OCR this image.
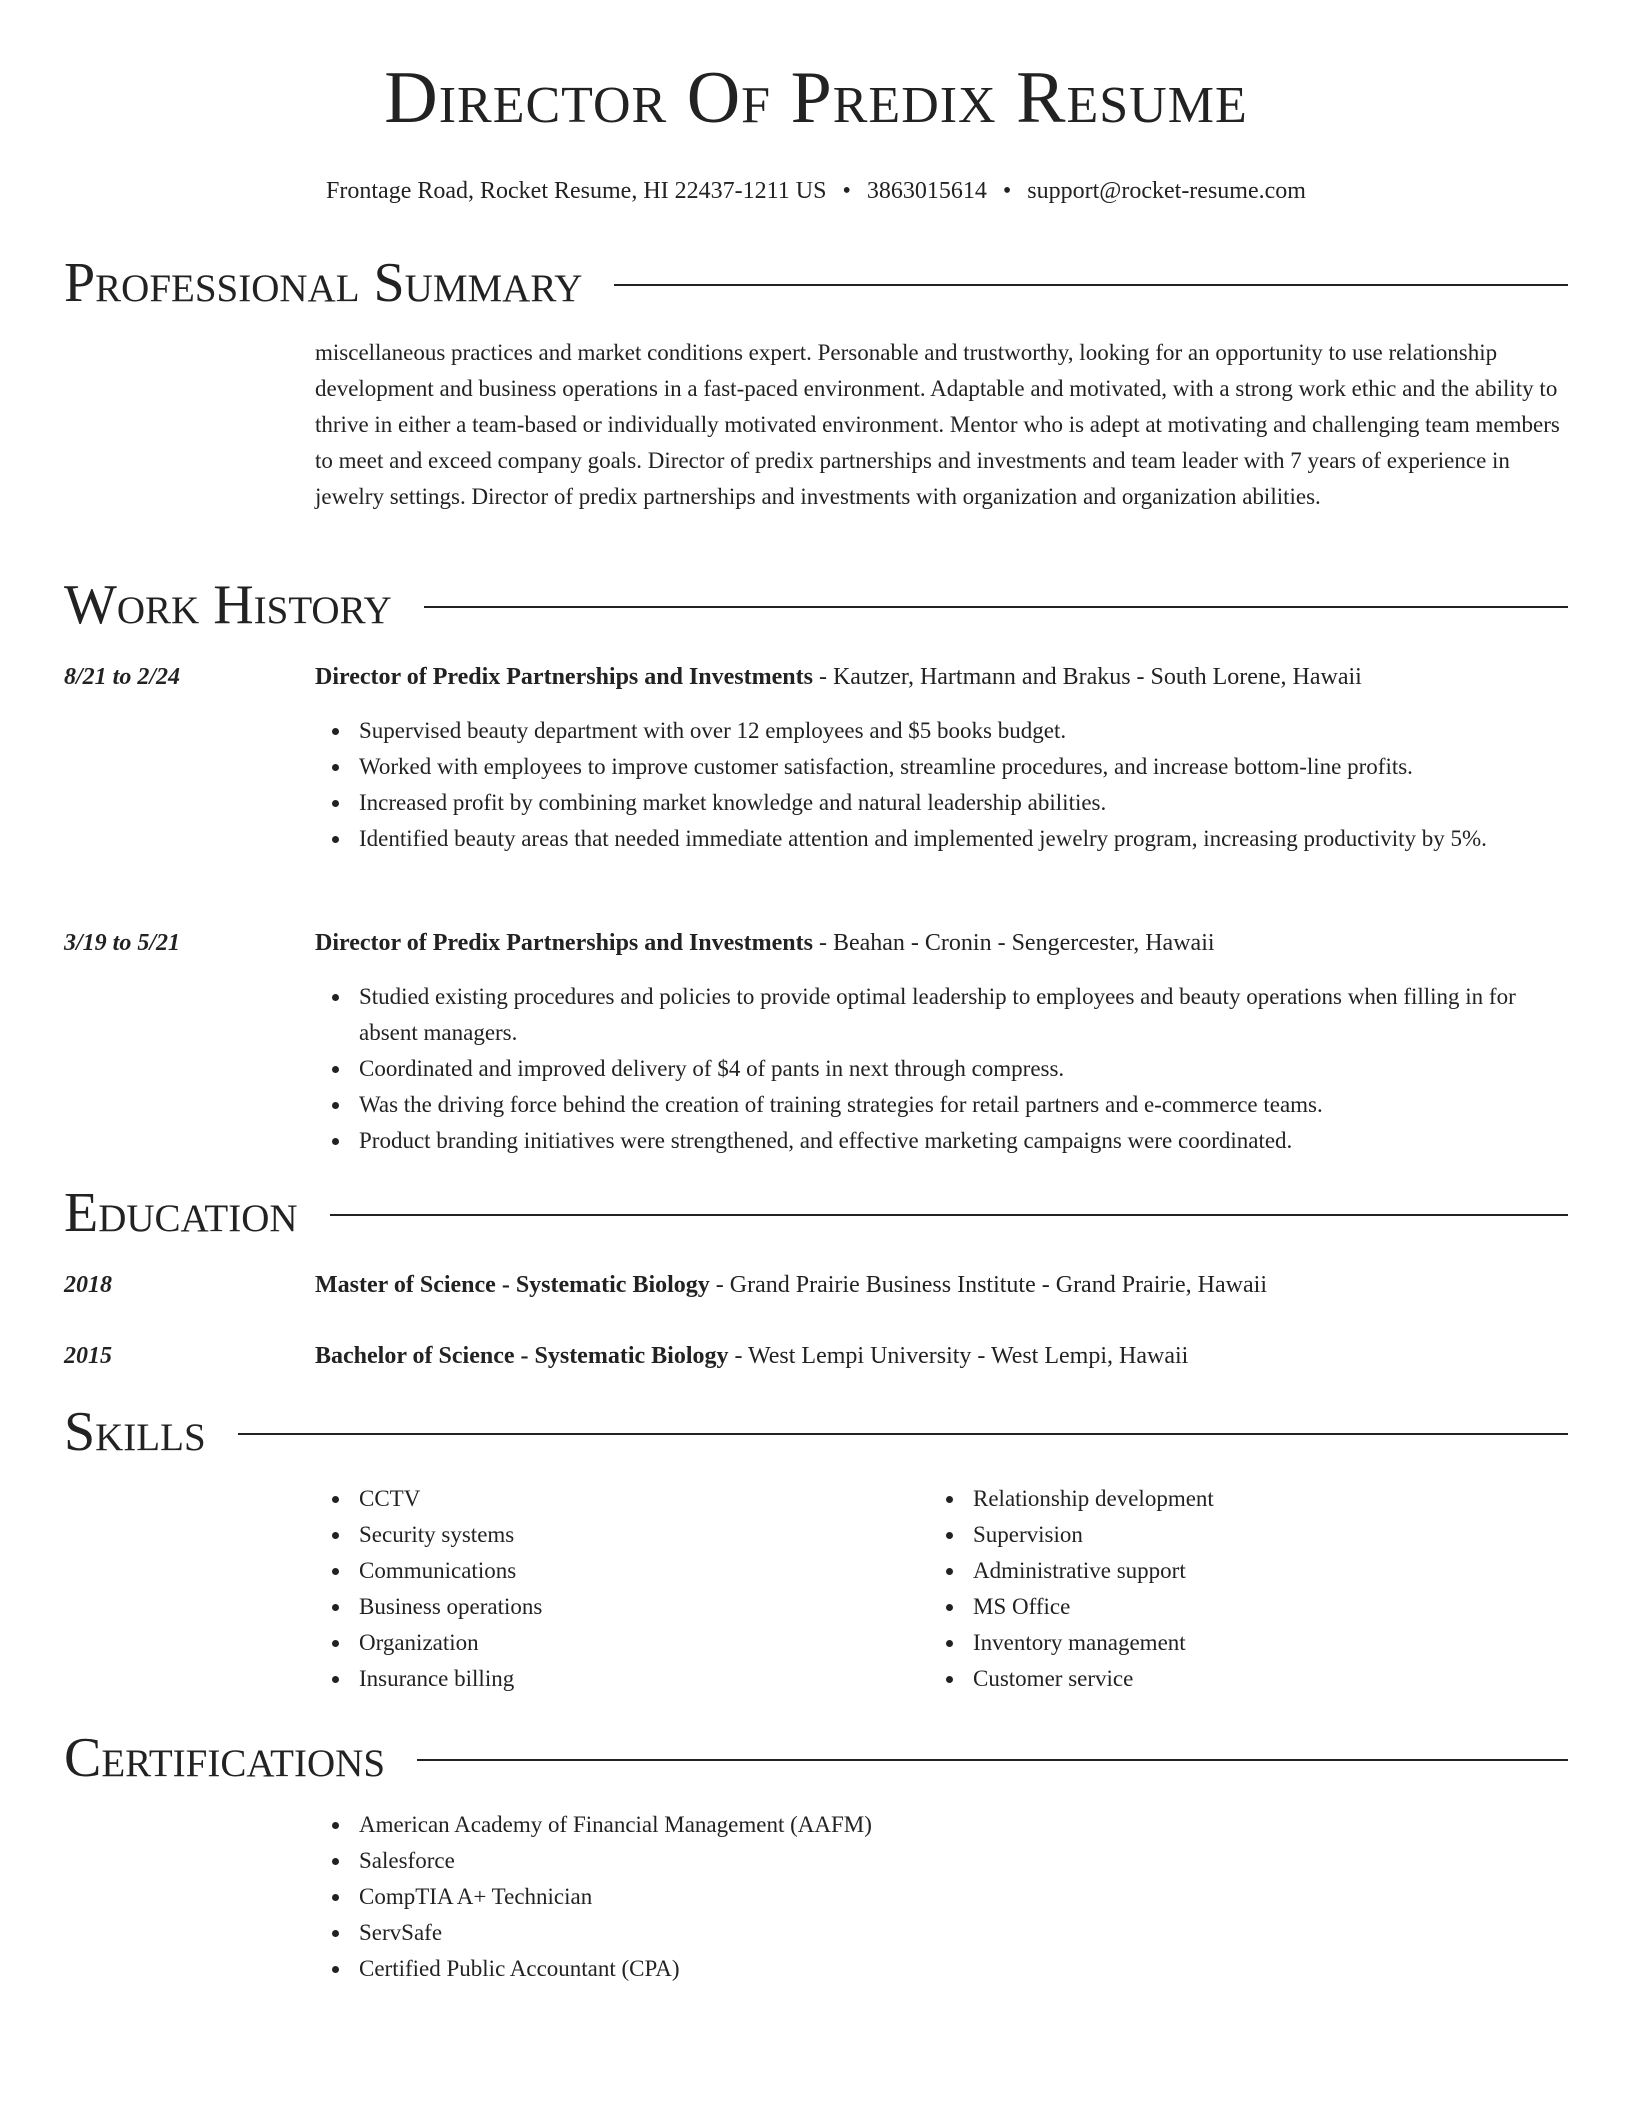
Director Of Predix Resume
Frontage Road, Rocket Resume, HI 22437-1211 US • 3863015614 • support@rocket-resume.com
Professional Summary

miscellaneous practices and market conditions expert. Personable and trustworthy, looking for an opportunity to use relationship development and business operations in a fast-paced environment. Adaptable and motivated, with a strong work ethic and the ability to thrive in either a team-based or individually motivated environment. Mentor who is adept at motivating and challenging team members to meet and exceed company goals. Director of predix partnerships and investments and team leader with 7 years of experience in jewelry settings. Director of predix partnerships and investments with organization and organization abilities.

Work History
8/21 to 2/24	Director of Predix Partnerships and Investments - Kautzer, Hartmann and Brakus - South Lorene, Hawaii
Supervised beauty department with over 12 employees and $5 books budget.
Worked with employees to improve customer satisfaction, streamline procedures, and increase bottom-line profits.
Increased profit by combining market knowledge and natural leadership abilities.
Identified beauty areas that needed immediate attention and implemented jewelry program, increasing productivity by 5%.
3/19 to 5/21	Director of Predix Partnerships and Investments - Beahan - Cronin - Sengercester, Hawaii
Studied existing procedures and policies to provide optimal leadership to employees and beauty operations when filling in for absent managers.
Coordinated and improved delivery of $4 of pants in next through compress.
Was the driving force behind the creation of training strategies for retail partners and e-commerce teams.
Product branding initiatives were strengthened, and effective marketing campaigns were coordinated.
Education
2018	Master of Science - Systematic Biology - Grand Prairie Business Institute - Grand Prairie, Hawaii
2015	Bachelor of Science - Systematic Biology - West Lempi University - West Lempi, Hawaii
Skills
CCTV
Security systems
Communications
Business operations
Organization
Insurance billing
Relationship development
Supervision
Administrative support
MS Office
Inventory management
Customer service
Certifications
American Academy of Financial Management (AAFM)
Salesforce
CompTIA A+ Technician
ServSafe
Certified Public Accountant (CPA)
